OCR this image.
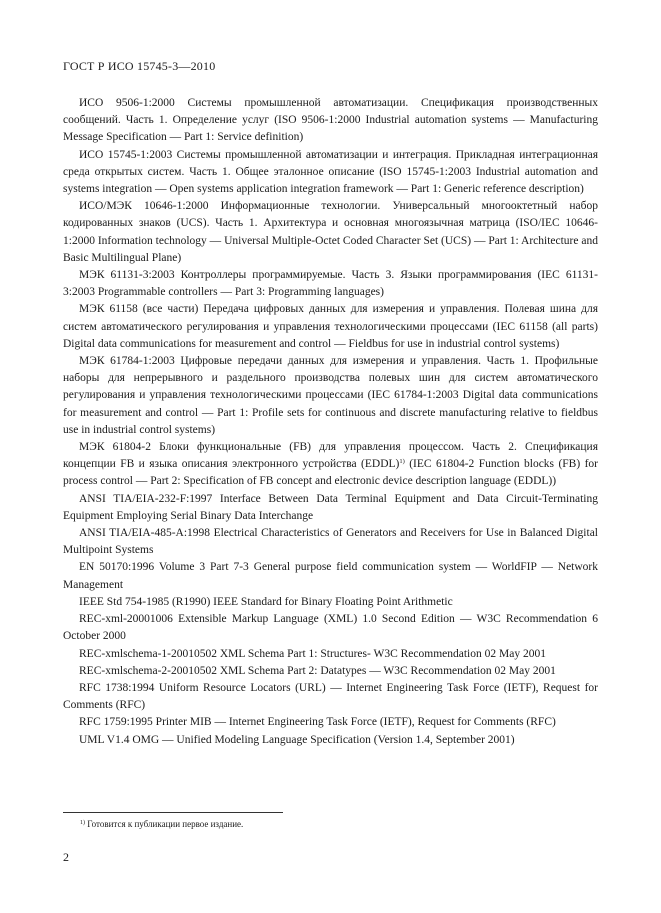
ГОСТ Р ИСО 15745-3—2010

ИСО 9506-1:2000 Системы промышленной автоматизации. Спецификация производственных сообщений. Часть 1. Определение услуг (ISO 9506-1:2000 Industrial automation systems — Manufacturing Message Specification — Part 1: Service definition)

ИСО 15745-1:2003 Системы промышленной автоматизации и интеграция. Прикладная интеграционная среда открытых систем. Часть 1. Общее эталонное описание (ISO 15745-1:2003 Industrial automation and systems integration — Open systems application integration framework — Part 1: Generic reference description)

ИСО/МЭК 10646-1:2000 Информационные технологии. Универсальный многооктетный набор кодированных знаков (UCS). Часть 1. Архитектура и основная многоязычная матрица (ISO/IEC 10646-1:2000 Information technology — Universal Multiple-Octet Coded Character Set (UCS) — Part 1: Architecture and Basic Multilingual Plane)

МЭК 61131-3:2003 Контроллеры программируемые. Часть 3. Языки программирования (IEC 61131-3:2003 Programmable controllers — Part 3: Programming languages)

МЭК 61158 (все части) Передача цифровых данных для измерения и управления. Полевая шина для систем автоматического регулирования и управления технологическими процессами (IEC 61158 (all parts) Digital data communications for measurement and control — Fieldbus for use in industrial control systems)

МЭК 61784-1:2003 Цифровые передачи данных для измерения и управления. Часть 1. Профильные наборы для непрерывного и раздельного производства полевых шин для систем автоматического регулирования и управления технологическими процессами (IEC 61784-1:2003 Digital data communications for measurement and control — Part 1: Profile sets for continuous and discrete manufacturing relative to fieldbus use in industrial control systems)

МЭК 61804-2 Блоки функциональные (FB) для управления процессом. Часть 2. Спецификация концепции FB и языка описания электронного устройства (EDDL)$^{1)}$ (IEC 61804-2 Function blocks (FB) for process control — Part 2: Specification of FB concept and electronic device description language (EDDL))

ANSI TIA/EIA-232-F:1997 Interface Between Data Terminal Equipment and Data Circuit-Terminating Equipment Employing Serial Binary Data Interchange

ANSI TIA/EIA-485-A:1998 Electrical Characteristics of Generators and Receivers for Use in Balanced Digital Multipoint Systems

EN 50170:1996 Volume 3 Part 7-3 General purpose field communication system — WorldFIP — Network Management

IEEE Std 754-1985 (R1990) IEEE Standard for Binary Floating Point Arithmetic

REC-xml-20001006 Extensible Markup Language (XML) 1.0 Second Edition — W3C Recommendation 6 October 2000

REC-xmlschema-1-20010502 XML Schema Part 1: Structures- W3C Recommendation 02 May 2001

REC-xmlschema-2-20010502 XML Schema Part 2: Datatypes — W3C Recommendation 02 May 2001

RFC 1738:1994 Uniform Resource Locators (URL) — Internet Engineering Task Force (IETF), Request for Comments (RFC)

RFC 1759:1995 Printer MIB — Internet Engineering Task Force (IETF), Request for Comments (RFC)

UML V1.4 OMG — Unified Modeling Language Specification (Version 1.4, September 2001)

$^{1)}$ Готовится к публикации первое издание.
2
